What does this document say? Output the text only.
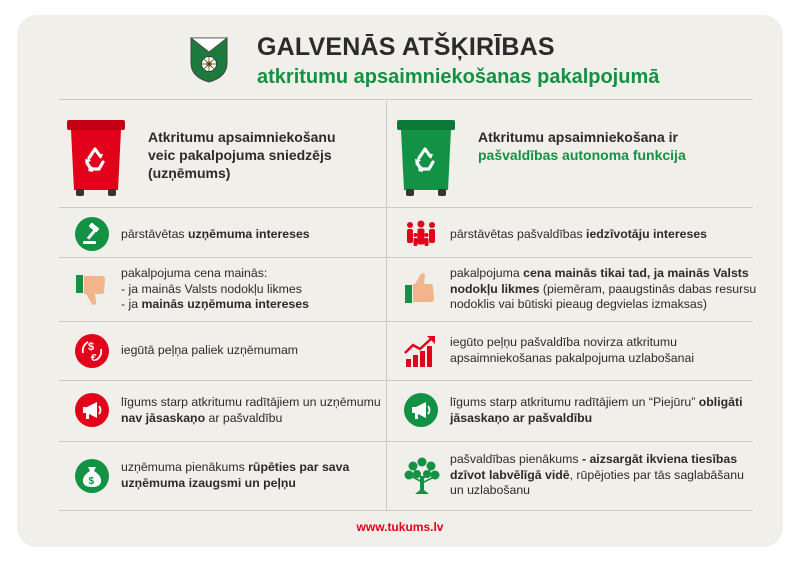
GALVENĀS ATŠĶIRĪBAS
atkritumu apsaimniekošanas pakalpojumā
Atkritumu apsaimniekošanu
veic pakalpojuma sniedzējs
(uzņēmums)
Atkritumu apsaimniekošana ir
pašvaldības autonoma funkcija
$
€
$
pārstāvētas uzņēmuma intereses
pakalpojuma cena mainās:
- ja mainās Valsts nodokļu likmes
- ja mainās uzņēmuma intereses
iegūtā peļņa paliek uzņēmumam
līgums starp atkritumu radītājiem un uzņēmumu
nav jāsaskaņo ar pašvaldību
uzņēmuma pienākums rūpēties par sava
uzņēmuma izaugsmi un peļņu
pārstāvētas pašvaldības iedzīvotāju intereses
pakalpojuma cena mainās tikai tad, ja mainās Valsts
nodokļu likmes (piemēram, paaugstinās dabas resursu
nodoklis vai būtiski pieaug degvielas izmaksas)
iegūto peļņu pašvaldība novirza atkritumu
apsaimniekošanas pakalpojuma uzlabošanai
līgums starp atkritumu radītājiem un “Piejūru” obligāti
jāsaskaņo ar pašvaldību
pašvaldības pienākums - aizsargāt ikviena tiesības
dzīvot labvēlīgā vidē, rūpējoties par tās saglabāšanu
un uzlabošanu
www.tukums.lv
